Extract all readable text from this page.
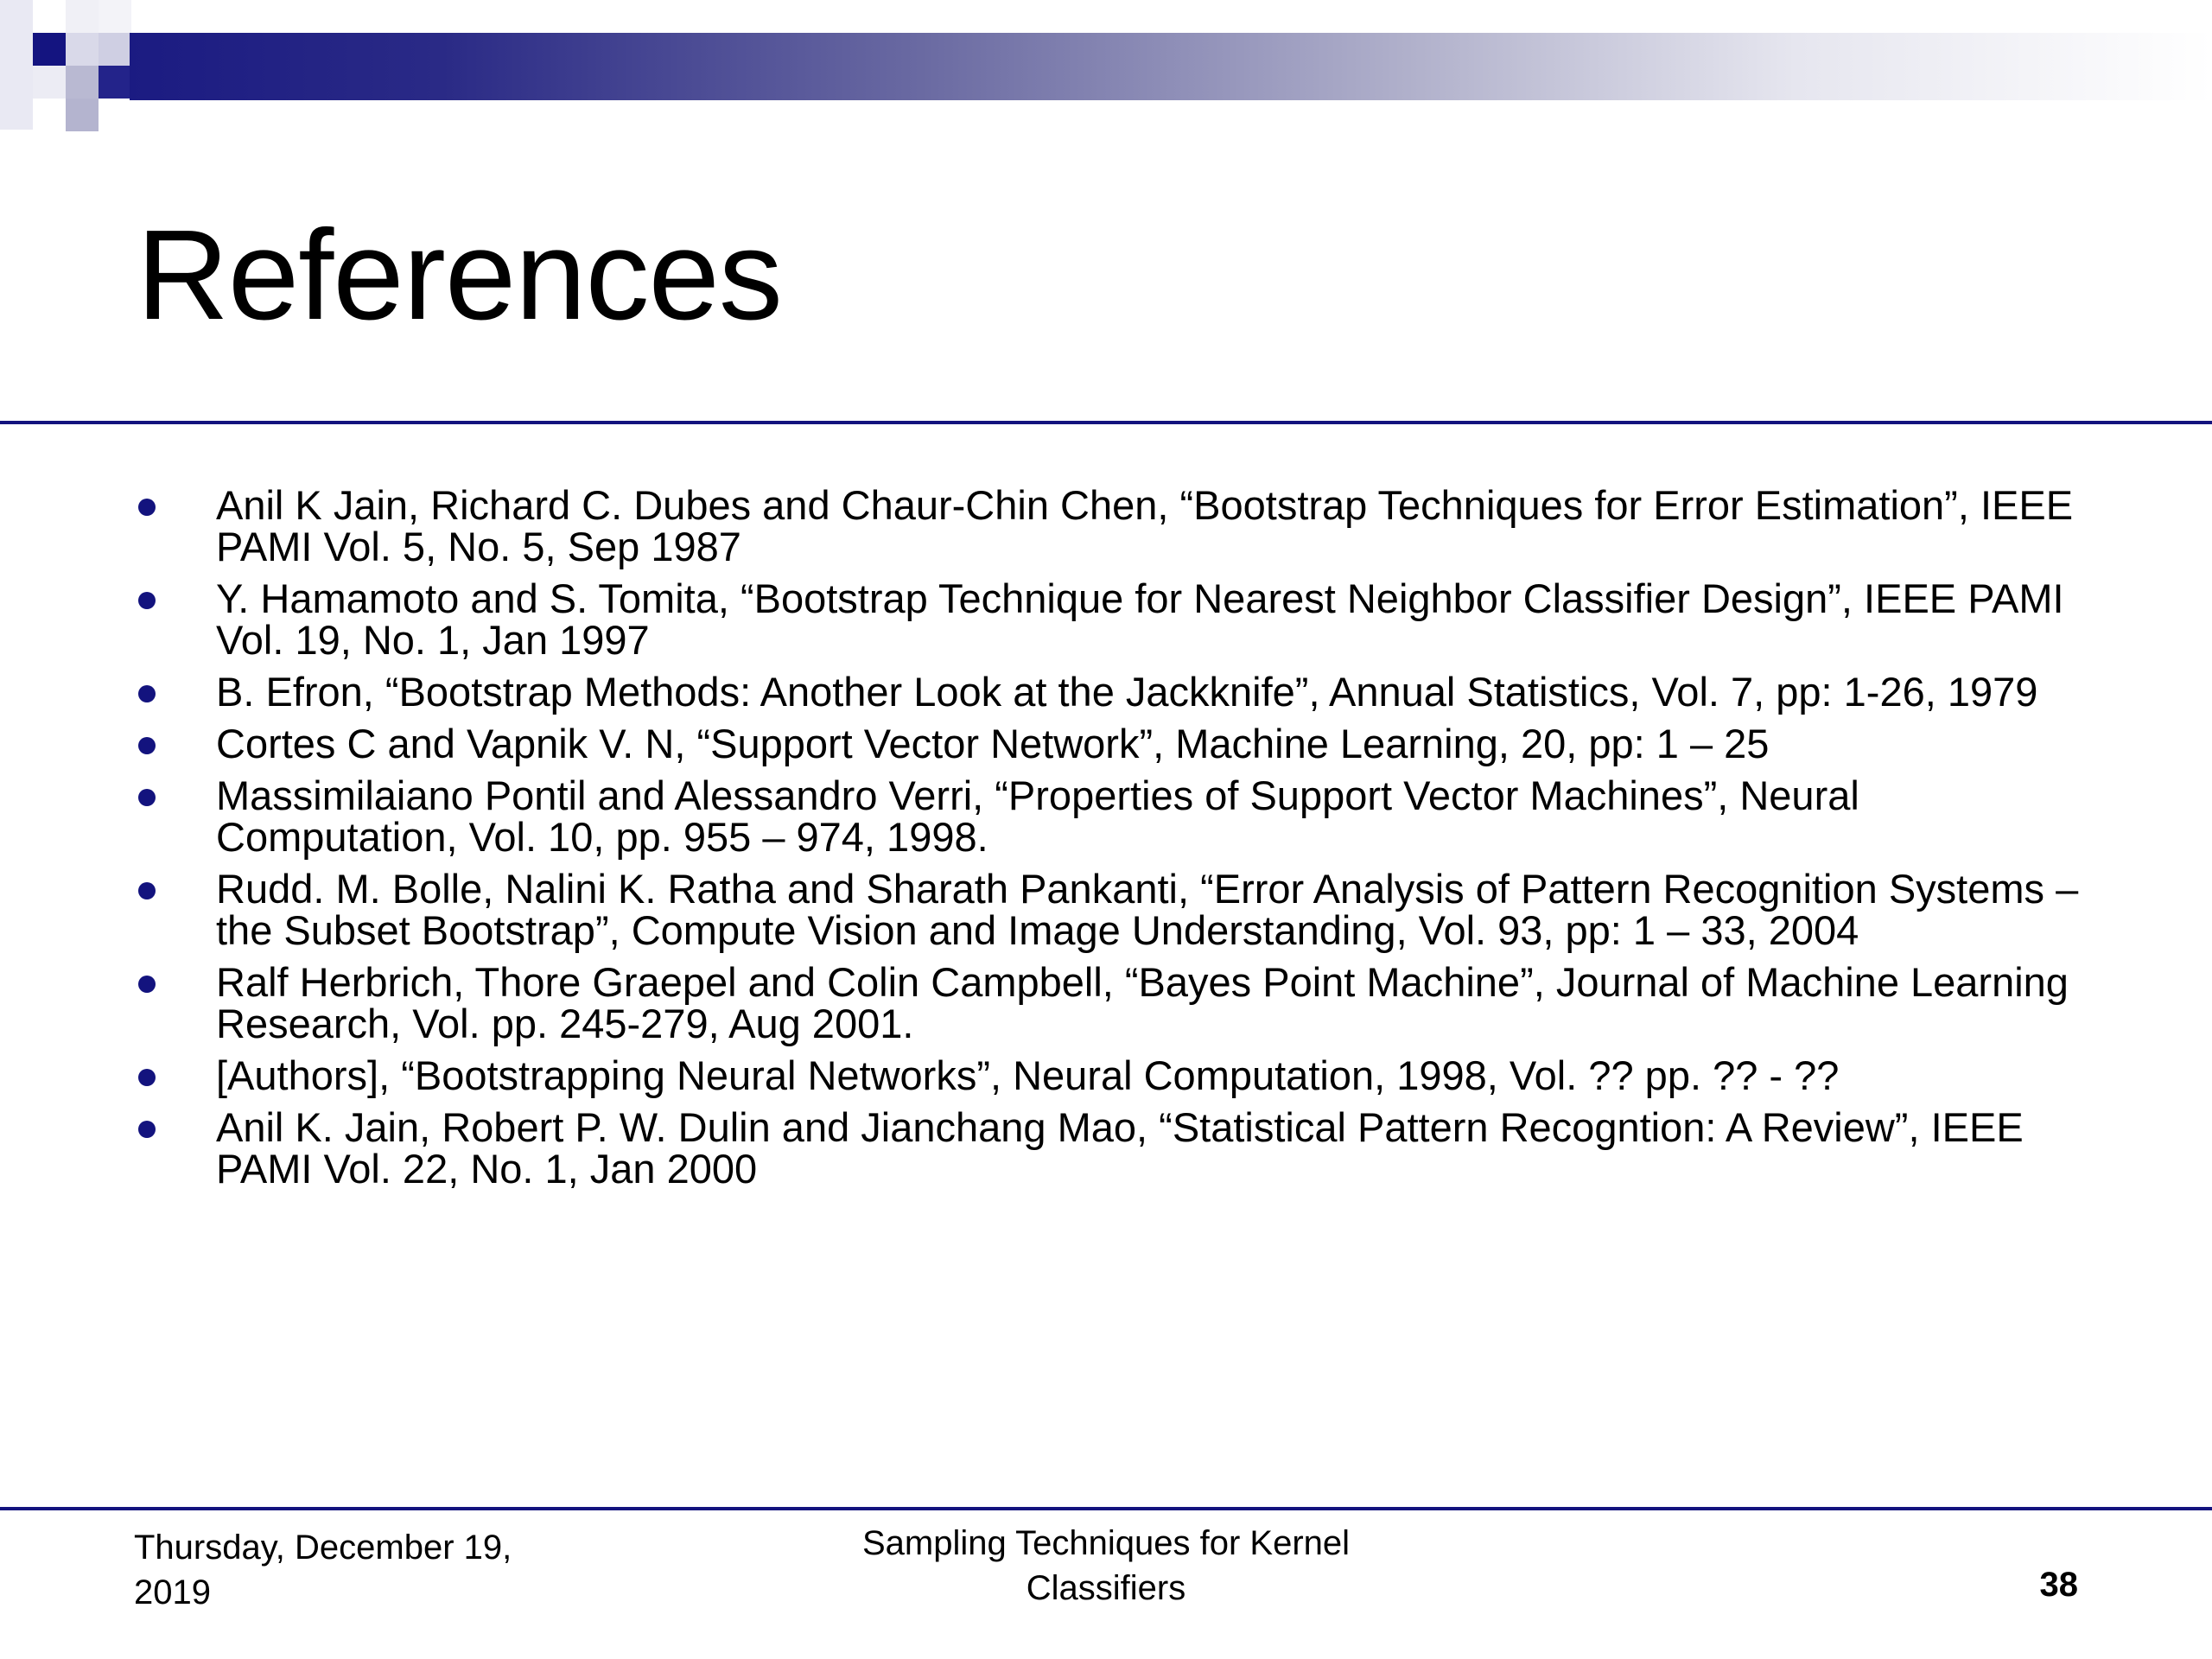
References
Anil K Jain, Richard C. Dubes and Chaur-Chin Chen, “Bootstrap Techniques for Error Estimation”, IEEE PAMI Vol. 5, No. 5, Sep 1987
Y. Hamamoto and S. Tomita, “Bootstrap Technique for Nearest Neighbor Classifier Design”, IEEE PAMI Vol. 19, No. 1, Jan 1997
B. Efron, “Bootstrap Methods: Another Look at the Jackknife”, Annual Statistics, Vol. 7, pp: 1-26, 1979
Cortes C and Vapnik V. N, “Support Vector Network”, Machine Learning, 20, pp: 1 – 25
Massimilaiano Pontil and Alessandro Verri, “Properties of Support Vector Machines”, Neural Computation, Vol. 10, pp. 955 – 974, 1998.
Rudd. M. Bolle, Nalini K. Ratha and Sharath Pankanti, “Error Analysis of Pattern Recognition Systems – the Subset Bootstrap”, Compute Vision and Image Understanding, Vol. 93, pp: 1 – 33, 2004
Ralf Herbrich, Thore Graepel and Colin Campbell, “Bayes Point Machine”, Journal of Machine Learning Research, Vol. pp. 245-279, Aug 2001.
[Authors], “Bootstrapping Neural Networks”, Neural Computation, 1998, Vol. ?? pp. ?? - ??
Anil K. Jain, Robert P. W. Dulin and Jianchang Mao, “Statistical Pattern Recogntion: A Review”, IEEE PAMI Vol. 22, No. 1, Jan 2000
Thursday, December 19, 2019
Sampling Techniques for Kernel Classifiers	38
